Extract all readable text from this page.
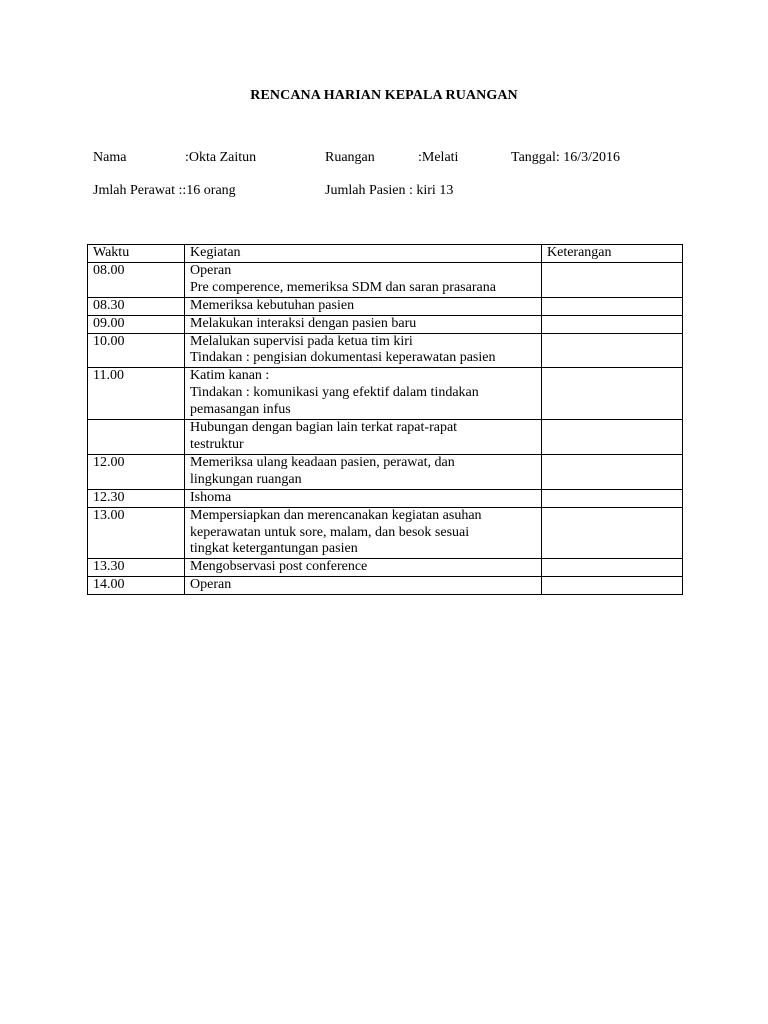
RENCANA HARIAN KEPALA RUANGAN
Nama	:Okta Zaitun	Ruangan	:Melati	Tanggal: 16/3/2016
Jmlah Perawat ::16 orang	Jumlah Pasien : kiri 13
Waktu	Kegiatan	Keterangan
08.00	Operan
Pre comperence, memeriksa SDM dan saran prasarana	

08.30	Memeriksa kebutuhan pasien	

09.00	Melakukan interaksi dengan pasien baru	

10.00	Melalukan supervisi pada ketua tim kiri
Tindakan : pengisian dokumentasi keperawatan pasien	

11.00	Katim kanan :
Tindakan : komunikasi yang efektif dalam tindakan
pemasangan infus	

	Hubungan dengan bagian lain terkat rapat-rapat
testruktur	

12.00	Memeriksa ulang keadaan pasien, perawat, dan
lingkungan ruangan	

12.30	Ishoma	

13.00	Mempersiapkan dan merencanakan kegiatan asuhan
keperawatan untuk sore, malam, dan besok sesuai
tingkat ketergantungan pasien	

13.30	Mengobservasi post conference	

14.00	Operan	
